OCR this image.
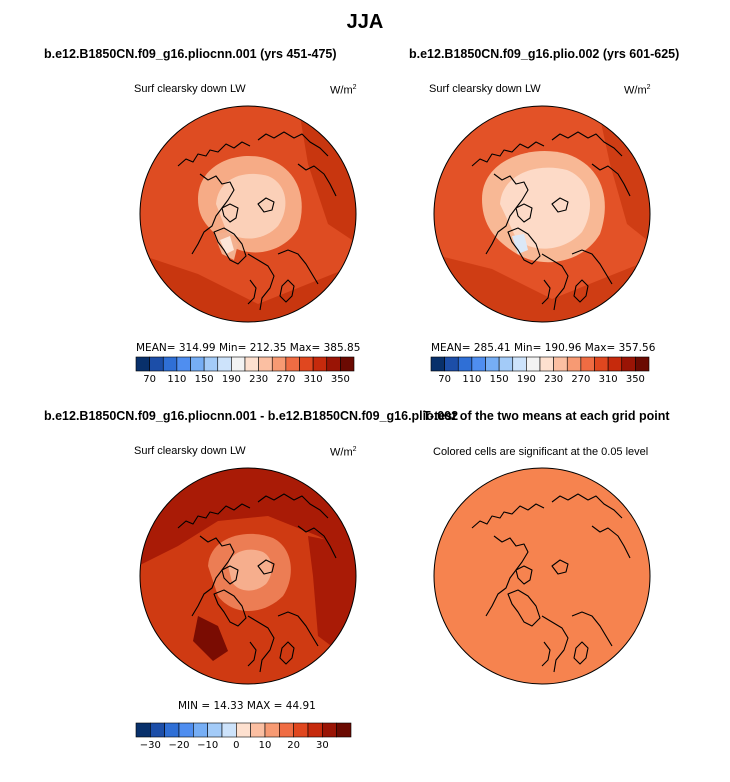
JJA
b.e12.B1850CN.f09_g16.pliocnn.001 (yrs 451-475)
Surf clearsky down LW	$W/m^2$
MEAN= 314.99 Min= 212.35 Max= 385.85
70	110 150 190 230 270 310 350
b.e12.B1850CN.f09_g16.plio.002 (yrs 601-625)
Surf clearsky down LW	$W/m^2$
MEAN= 285.41 Min= 190.96 Max= 357.56
70	110 150 190 230 270 310 350
b.e12.B1850CN.f09_g16.pliocnn.001 - b.e12.B1850CN.f09_g16.plio.002
Surf clearsky down LW	$W/m^2$
MIN = 14.33 MAX = 44.91
−30 −20 −10	0	10	20	30
T-test of the two means at each grid point
Colored cells are significant at the 0.05 level
